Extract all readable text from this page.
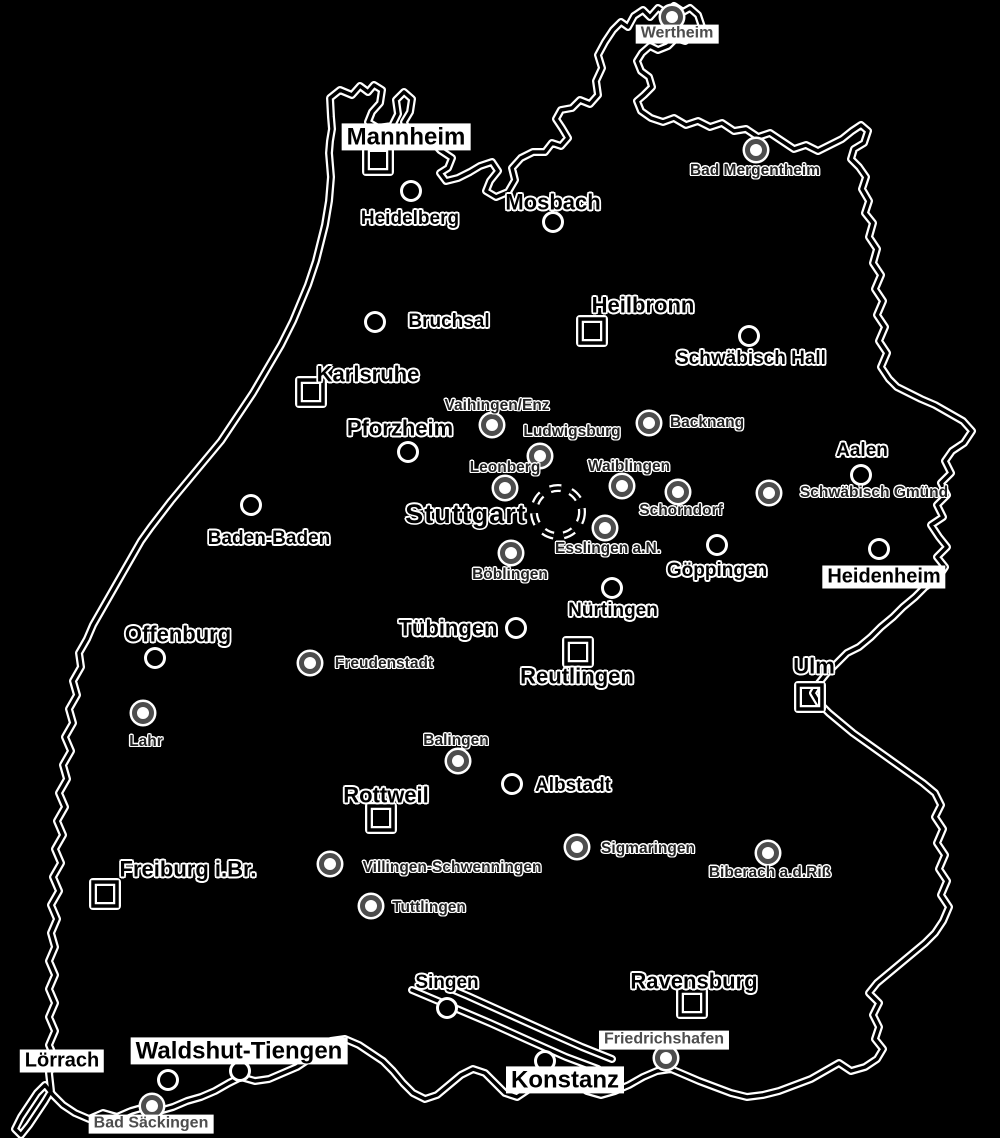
Wertheim
Mannheim
Bad Mergentheim
Heidelberg
Mosbach
Bruchsal
Heilbronn
Schwäbisch Hall
Karlsruhe
Vaihingen/Enz
Pforzheim	Ludwigsburg
Backnang
Leonberg	Waiblingen
Aalen
Schwäbisch Gmünd
Stuttgart	Schorndorf
Baden-Baden	Esslingen a.N.
Göppingen
Böblingen	Heidenheim
Nürtingen
Tübingen
Offenburg
Freudenstadt
Reutlingen	Ulm
Lahr	Balingen
Rottweil	Albstadt
Sigmaringen
Biberach a.d.Riß
Freiburg i.Br.	Villingen-Schwenningen
Tuttlingen
Singen	Ravensburg
Friedrichshafen
Konstanz
Lörrach Waldshut-Tiengen
Bad Säckingen
